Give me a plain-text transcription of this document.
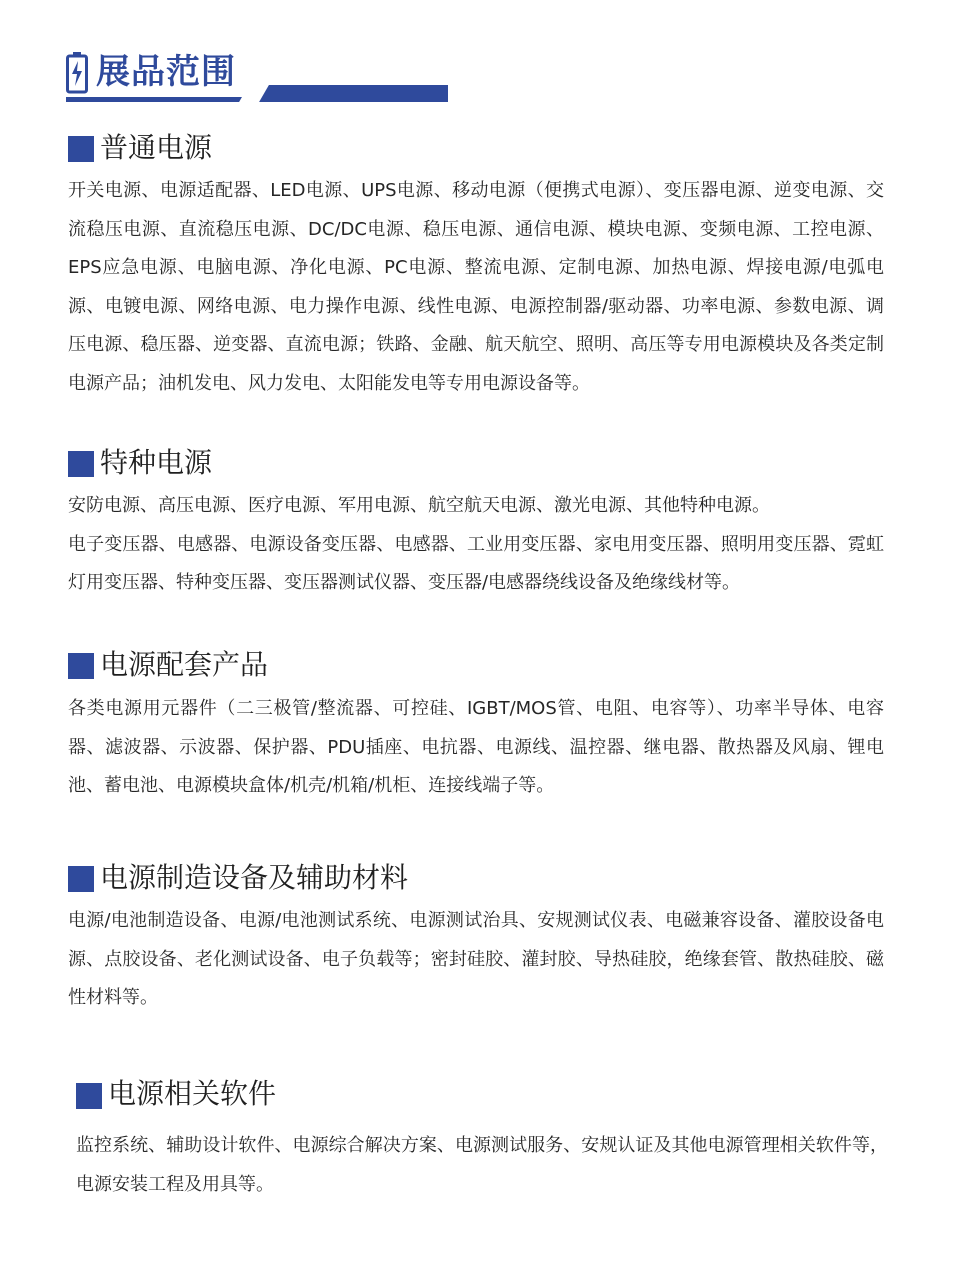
展品范围
普通电源

开关电源、电源适配器、LED电源、UPS电源、移动电源（便携式电源）、变压器电源、逆变电源、交流稳压电源、直流稳压电源、DC/DC电源、稳压电源、通信电源、模块电源、变频电源、工控电源、EPS应急电源、电脑电源、净化电源、PC电源、整流电源、定制电源、加热电源、焊接电源/电弧电源、电镀电源、网络电源、电力操作电源、线性电源、电源控制器/驱动器、功率电源、参数电源、调压电源、稳压器、逆变器、直流电源；铁路、金融、航天航空、照明、高压等专用电源模块及各类定制电源产品；油机发电、风力发电、太阳能发电等专用电源设备等。

特种电源

安防电源、高压电源、医疗电源、军用电源、航空航天电源、激光电源、其他特种电源。

电子变压器、电感器、电源设备变压器、电感器、工业用变压器、家电用变压器、照明用变压器、霓虹灯用变压器、特种变压器、变压器测试仪器、变压器/电感器绕线设备及绝缘线材等。

电源配套产品

各类电源用元器件（二三极管/整流器、可控硅、IGBT/MOS管、电阻、电容等）、功率半导体、电容器、滤波器、示波器、保护器、PDU插座、电抗器、电源线、温控器、继电器、散热器及风扇、锂电池、蓄电池、电源模块盒体/机壳/机箱/机柜、连接线端子等。

电源制造设备及辅助材料

电源/电池制造设备、电源/电池测试系统、电源测试治具、安规测试仪表、电磁兼容设备、灌胶设备电源、点胶设备、老化测试设备、电子负载等；密封硅胶、灌封胶、导热硅胶，绝缘套管、散热硅胶、磁性材料等。

电源相关软件

监控系统、辅助设计软件、电源综合解决方案、电源测试服务、安规认证及其他电源管理相关软件等，电源安装工程及用具等。
